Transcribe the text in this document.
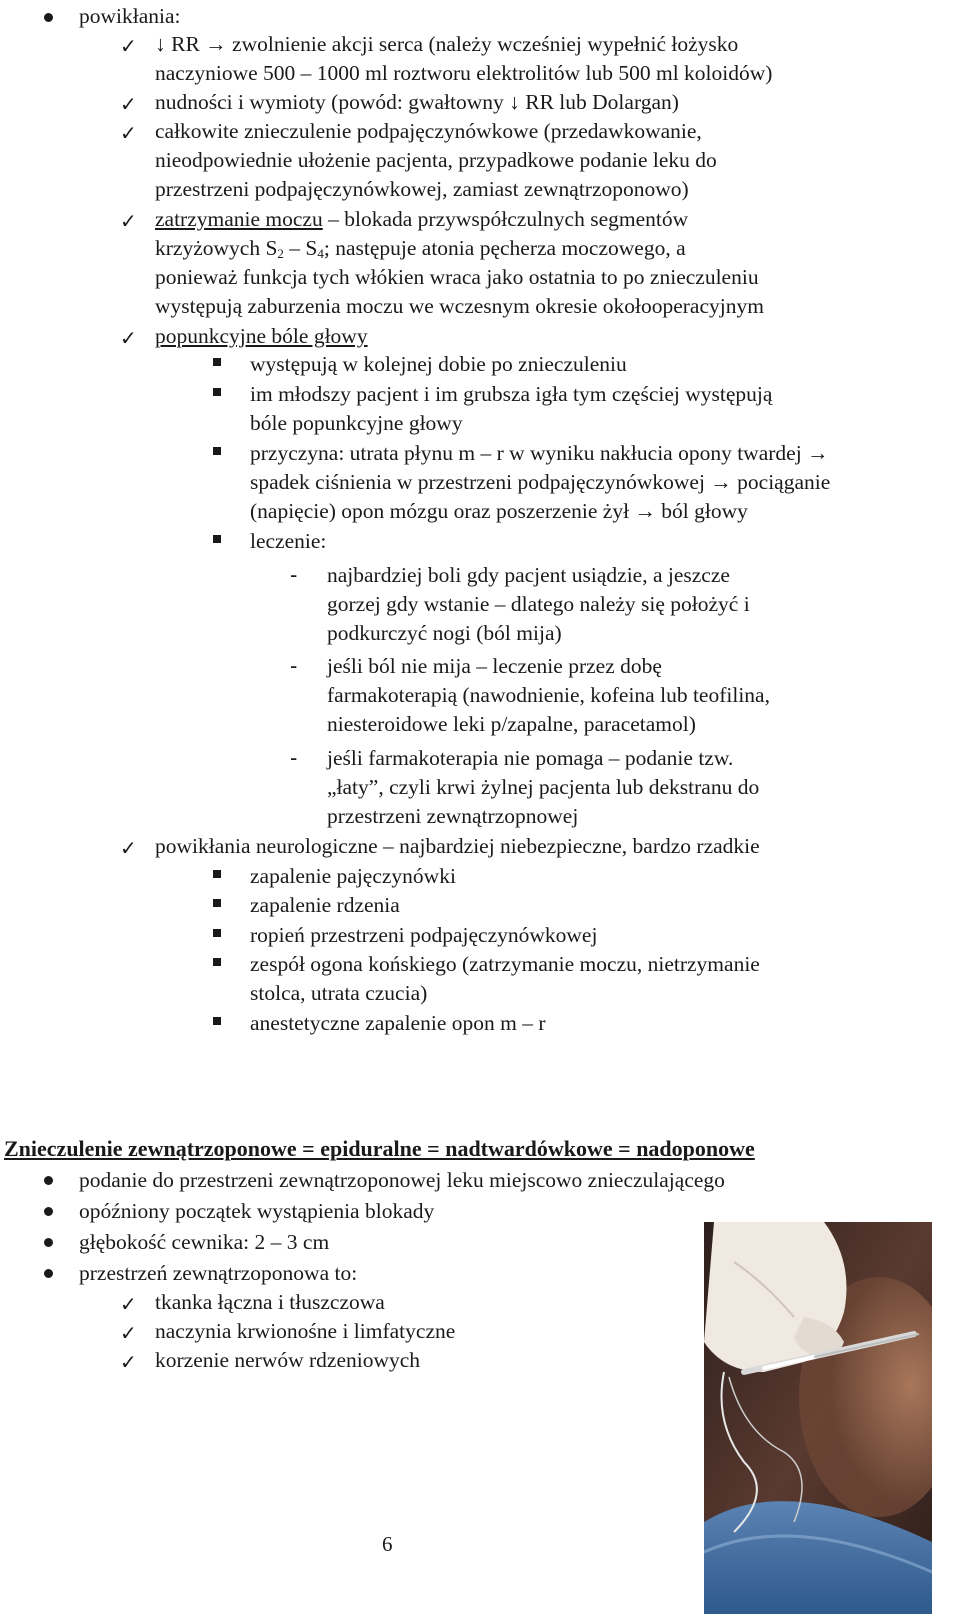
powikłania:
✓ ↓ RR → zwolnienie akcji serca (należy wcześniej wypełnić łożysko
naczyniowe 500 – 1000 ml roztworu elektrolitów lub 500 ml koloidów)
✓ nudności i wymioty (powód: gwałtowny ↓ RR lub Dolargan)
✓ całkowite znieczulenie podpajęczynówkowe (przedawkowanie,
nieodpowiednie ułożenie pacjenta, przypadkowe podanie leku do
przestrzeni podpajęczynówkowej, zamiast zewnątrzoponowo)
✓ zatrzymanie moczu – blokada przywspółczulnych segmentów
krzyżowych $S_2 - S_4$; następuje atonia pęcherza moczowego, a
ponieważ funkcja tych włókien wraca jako ostatnia to po znieczuleniu
występują zaburzenia moczu we wczesnym okresie okołooperacyjnym
✓ popunkcyjne bóle głowy
występują w kolejnej dobie po znieczuleniu
im młodszy pacjent i im grubsza igła tym częściej występują
bóle popunkcyjne głowy
przyczyna: utrata płynu m – r w wyniku nakłucia opony twardej →
spadek ciśnienia w przestrzeni podpajęczynówkowej → pociąganie
(napięcie) opon mózgu oraz poszerzenie żył → ból głowy
leczenie:
- najbardziej boli gdy pacjent usiądzie, a jeszcze
gorzej gdy wstanie – dlatego należy się położyć i
podkurczyć nogi (ból mija)
- jeśli ból nie mija – leczenie przez dobę
farmakoterapią (nawodnienie, kofeina lub teofilina,
niesteroidowe leki p/zapalne, paracetamol)
- jeśli farmakoterapia nie pomaga – podanie tzw.
„łaty”, czyli krwi żylnej pacjenta lub dekstranu do
przestrzeni zewnątrzopnowej
✓ powikłania neurologiczne – najbardziej niebezpieczne, bardzo rzadkie
zapalenie pajęczynówki
zapalenie rdzenia
ropień przestrzeni podpajęczynówkowej
zespół ogona końskiego (zatrzymanie moczu, nietrzymanie
stolca, utrata czucia)
anestetyczne zapalenie opon m – r
Znieczulenie zewnątrzoponowe = epiduralne = nadtwardówkowe = nadoponowe
podanie do przestrzeni zewnątrzoponowej leku miejscowo znieczulającego
opóźniony początek wystąpienia blokady
głębokość cewnika: 2 – 3 cm
przestrzeń zewnątrzoponowa to:
✓ tkanka łączna i tłuszczowa
✓ naczynia krwionośne i limfatyczne
✓ korzenie nerwów rdzeniowych
6
